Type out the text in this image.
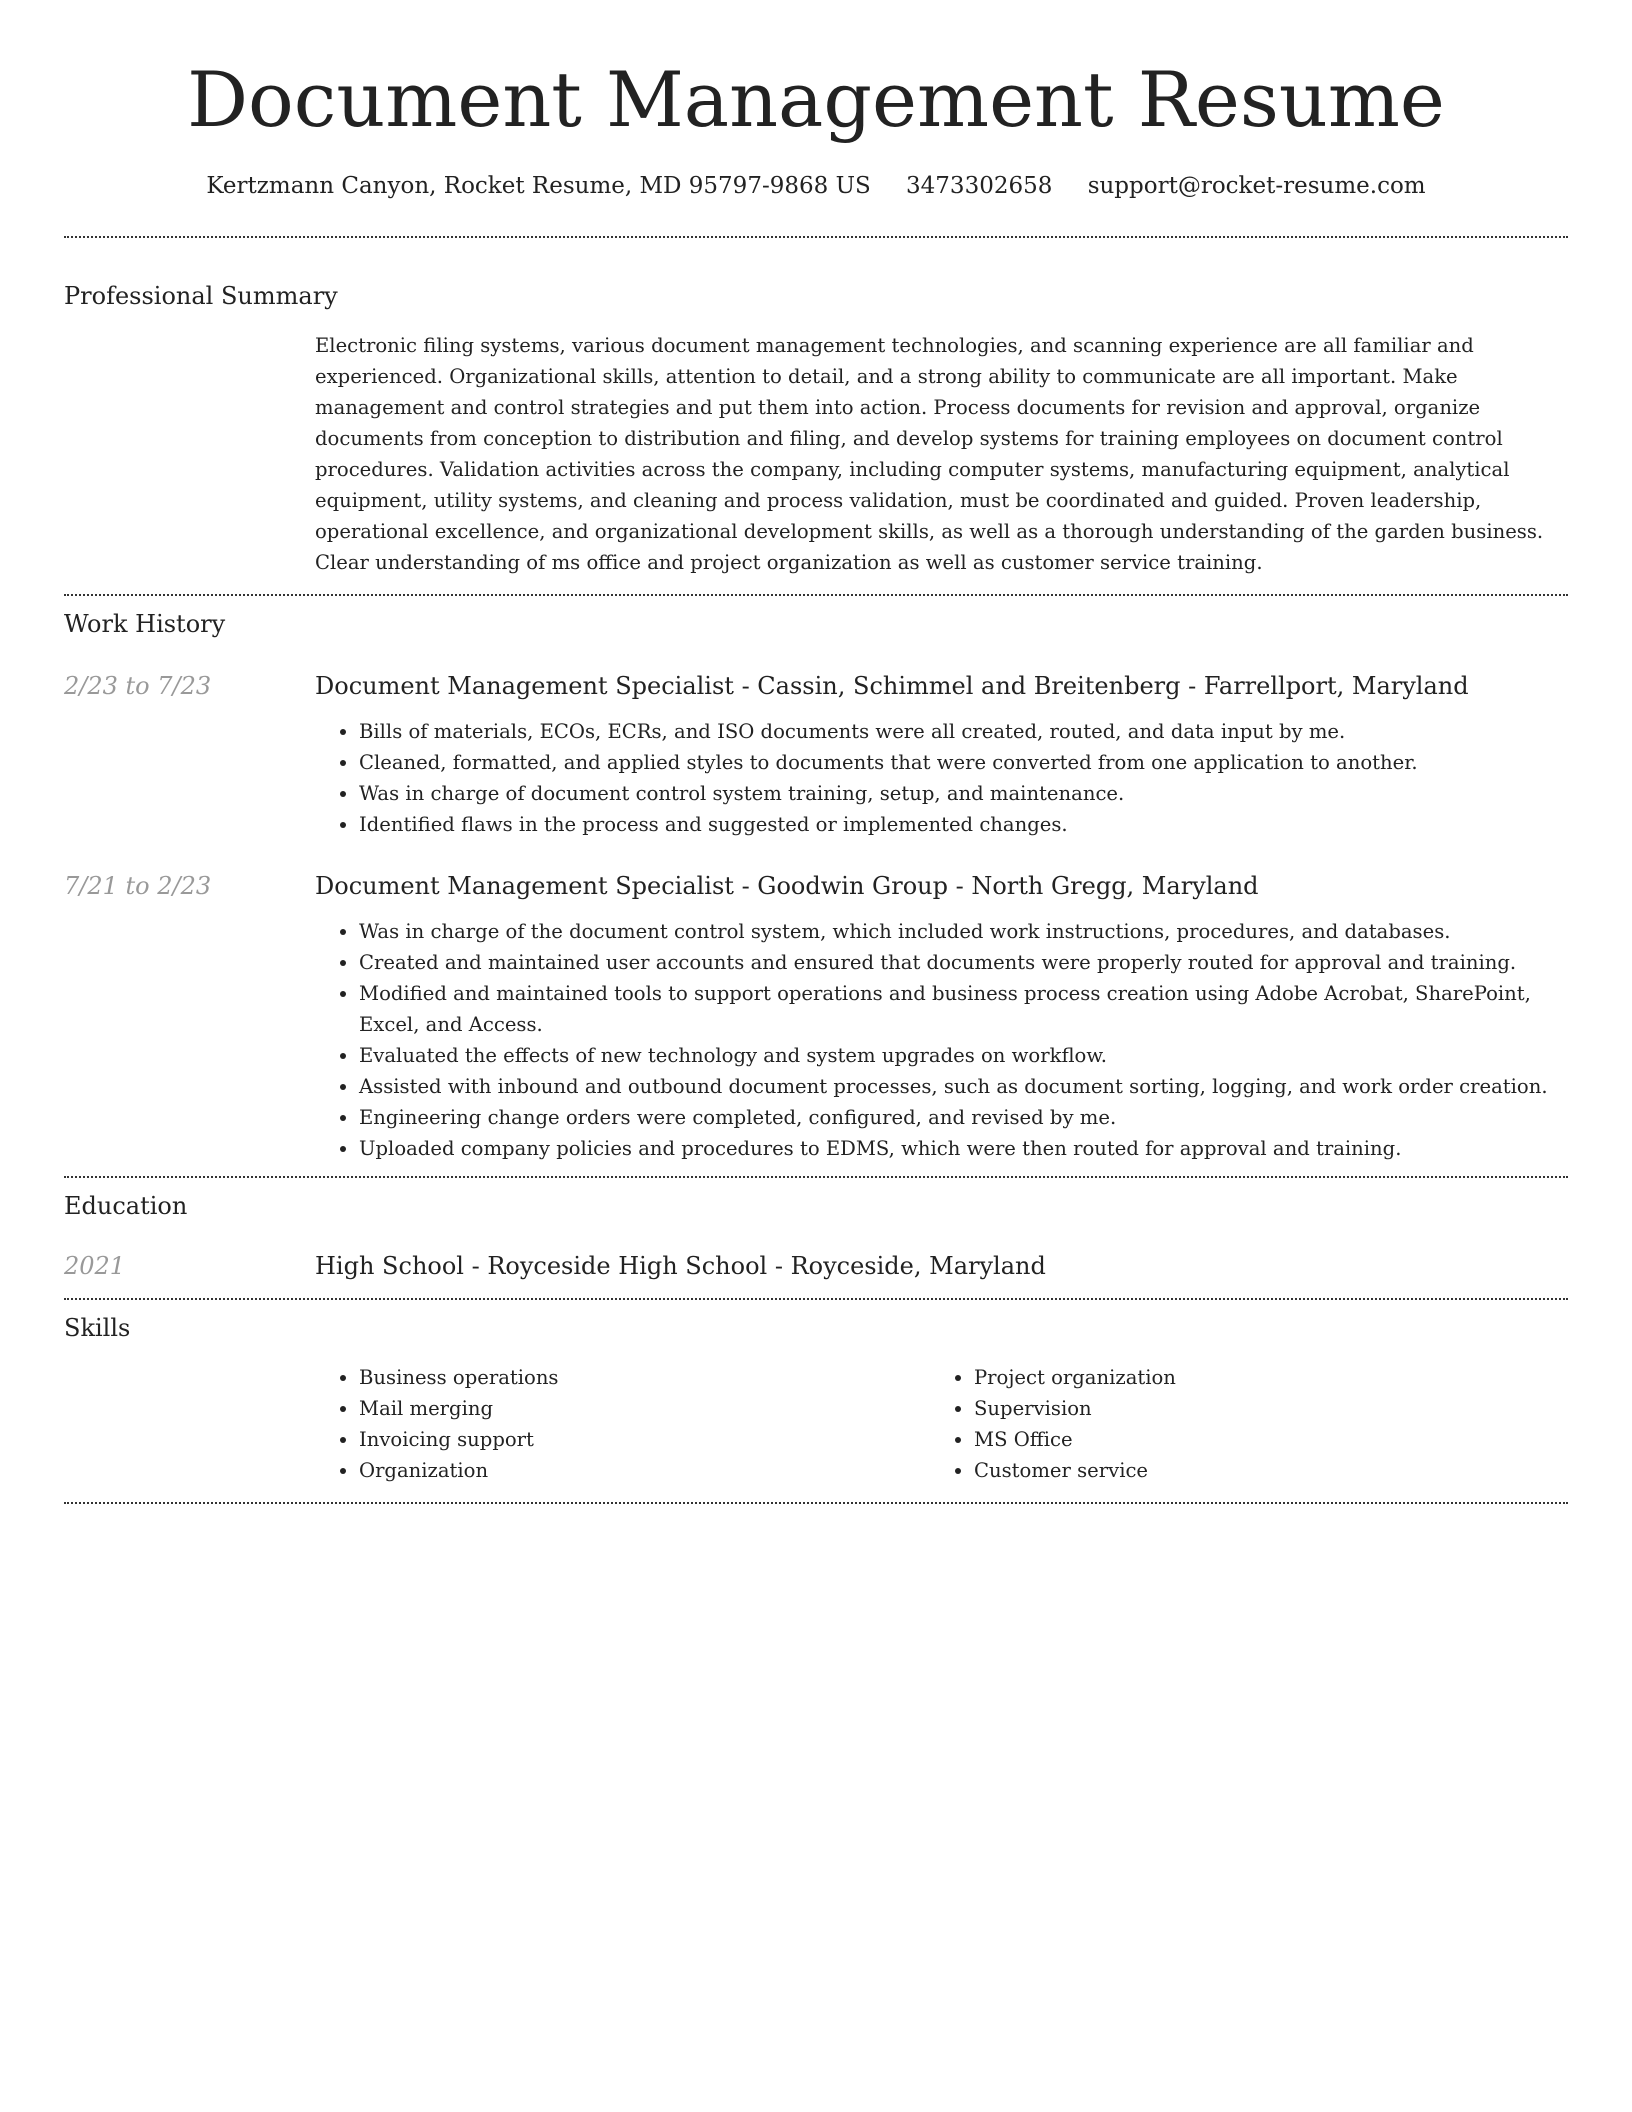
Document Management Resume
Kertzmann Canyon, Rocket Resume, MD 95797-9868 US 3473302658 support@rocket-resume.com
Professional Summary
Electronic filing systems, various document management technologies, and scanning experience are all familiar and experienced. Organizational skills, attention to detail, and a strong ability to communicate are all important. Make management and control strategies and put them into action. Process documents for revision and approval, organize documents from conception to distribution and filing, and develop systems for training employees on document control procedures. Validation activities across the company, including computer systems, manufacturing equipment, analytical equipment, utility systems, and cleaning and process validation, must be coordinated and guided. Proven leadership, operational excellence, and organizational development skills, as well as a thorough understanding of the garden business. Clear understanding of ms office and project organization as well as customer service training.
Work History
2/23 to 7/23	Document Management Specialist - Cassin, Schimmel and Breitenberg - Farrellport, Maryland
• Bills of materials, ECOs, ECRs, and ISO documents were all created, routed, and data input by me.
• Cleaned, formatted, and applied styles to documents that were converted from one application to another.
• Was in charge of document control system training, setup, and maintenance.
• Identified flaws in the process and suggested or implemented changes.
7/21 to 2/23	Document Management Specialist - Goodwin Group - North Gregg, Maryland
• Was in charge of the document control system, which included work instructions, procedures, and databases.
• Created and maintained user accounts and ensured that documents were properly routed for approval and training.
• Modified and maintained tools to support operations and business process creation using Adobe Acrobat, SharePoint, Excel, and Access.
• Evaluated the effects of new technology and system upgrades on workflow.
• Assisted with inbound and outbound document processes, such as document sorting, logging, and work order creation.
• Engineering change orders were completed, configured, and revised by me.
• Uploaded company policies and procedures to EDMS, which were then routed for approval and training.
Education
2021	High School - Royceside High School - Royceside, Maryland
Skills
• Business operations
• Mail merging
• Invoicing support
• Organization
• Project organization
• Supervision
• MS Office
• Customer service
